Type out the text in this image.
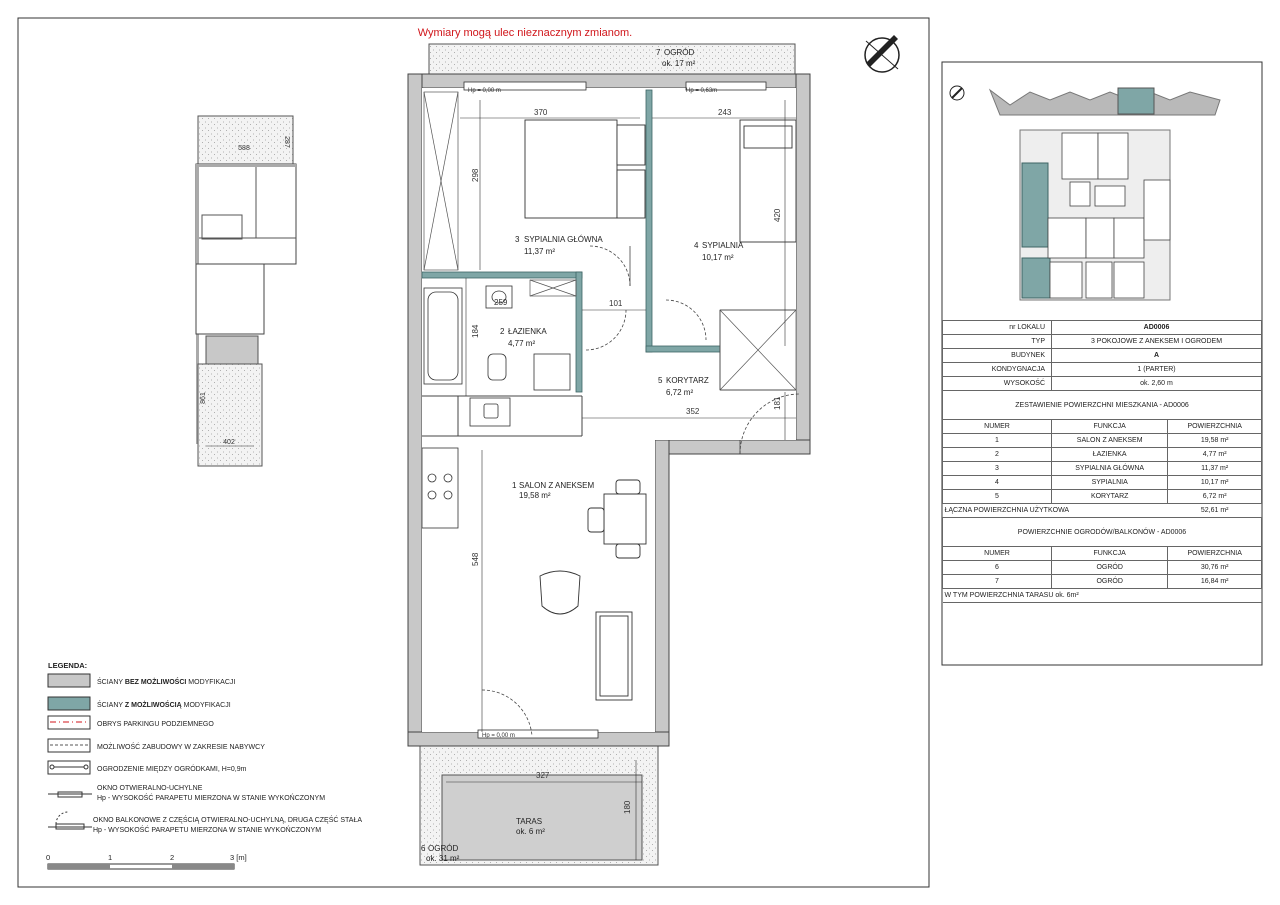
Wymiary mogą ulec nieznacznym zmianom.
588
287
861
402
370	243
298
420
259	101
184
352
181
548
327
180
Hp = 0,00 m	Hp = 0,63m
Hp = 0,00 m
1 SALON Z ANEKSEM
19,58 m²
2 ŁAZIENKA
4,77 m²
3 SYPIALNIA GŁÓWNA
11,37 m²
4 SYPIALNIA
10,17 m²
5 KORYTARZ
6,72 m²
6 OGRÓD
ok. 31 m²
7 OGRÓD
ok. 17 m²
TARAS
ok. 6 m²
LEGENDA:
ŚCIANY BEZ MOŻLIWOŚCI MODYFIKACJI
ŚCIANY Z MOŻLIWOŚCIĄ MODYFIKACJI
OBRYS PARKINGU PODZIEMNEGO
MOŻLIWOŚĆ ZABUDOWY W ZAKRESIE NABYWCY
OGRODZENIE MIĘDZY OGRÓDKAMI, H=0,9m
OKNO OTWIERALNO-UCHYLNE
Hp - WYSOKOŚĆ PARAPETU MIERZONA W STANIE WYKOŃCZONYM
OKNO BALKONOWE Z CZĘŚCIĄ OTWIERALNO-UCHYLNĄ, DRUGA CZĘŚĆ STAŁA
Hp - WYSOKOŚĆ PARAPETU MIERZONA W STANIE WYKOŃCZONYM
0	1	2	3 [m]
nr LOKALU	AD0006	
TYP	3 POKOJOWE Z ANEKSEM I OGRODEM	
BUDYNEK	A	
KONDYGNACJA	1 (PARTER)	
WYSOKOŚĆ	ok. 2,60 m	
ZESTAWIENIE POWIERZCHNI MIESZKANIA - AD0006		
NUMER	FUNKCJA	POWIERZCHNIA
1	SALON Z ANEKSEM	19,58 m²
2	ŁAZIENKA	4,77 m²
3	SYPIALNIA GŁÓWNA	11,37 m²
4	SYPIALNIA	10,17 m²
5	KORYTARZ	6,72 m²
ŁĄCZNA POWIERZCHNIA UŻYTKOWA		52,61 m²
POWIERZCHNIE OGRODÓW/BALKONÓW - AD0006		
NUMER	FUNKCJA	POWIERZCHNIA
6	OGRÓD	30,76 m²
7	OGRÓD	16,84 m²
W TYM POWIERZCHNIA TARASU ok. 6m²		
